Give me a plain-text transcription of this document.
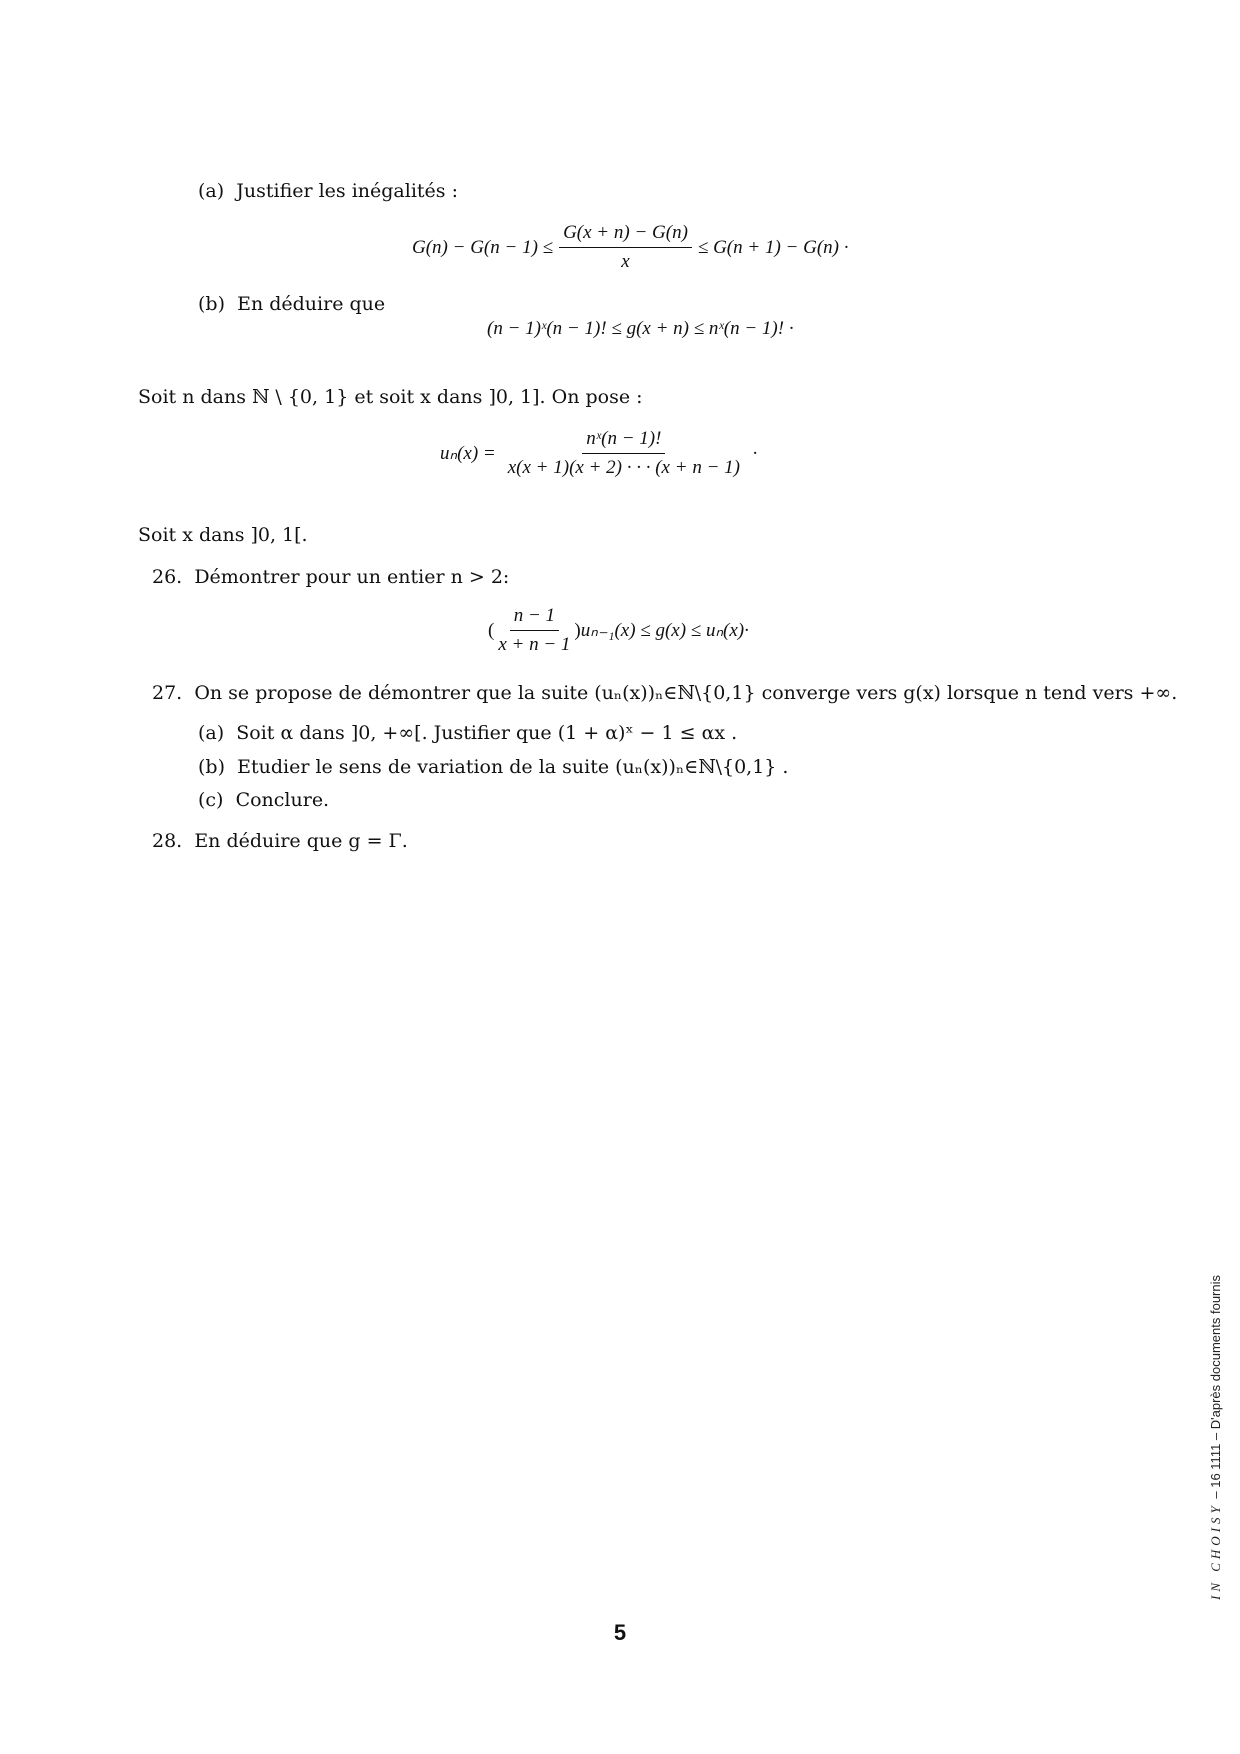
(a) Justifier les inégalités :
$G(n) - G(n - 1) \le \frac{G(x + n) - G(n)}{x} \le G(n + 1) - G(n)$ ·
(b) En déduire que
(n − 1)ˣ(n − 1)! ≤ g(x + n) ≤ nˣ(n − 1)! ·
Soit n dans ℕ \ {0, 1} et soit x dans ]0, 1]. On pose :
$u_n(x) = \frac{\text{nˣ(n − 1)!}}{x(x + 1)(x + 2) \cdot \cdot \cdot (x + n - 1)}$ ·
Soit x dans ]0, 1[.
26. Démontrer pour un entier n > 2:
( $\frac{n - 1}{x + n - 1}$ ) uₙ₋₁(x) ≤ g(x) ≤ uₙ(x)·
27. On se propose de démontrer que la suite (uₙ(x))ₙ∈ℕ\{0,1} converge vers g(x) lorsque n tend vers +∞.
(a) Soit α dans ]0, +∞[. Justifier que (1 + α)ˣ − 1 ≤ αx .
(b) Etudier le sens de variation de la suite (uₙ(x))ₙ∈ℕ\{0,1} .
(c) Conclure.
28. En déduire que g = Γ.
IN CHOISY – 16 1111 – D'après documents fournis
5
